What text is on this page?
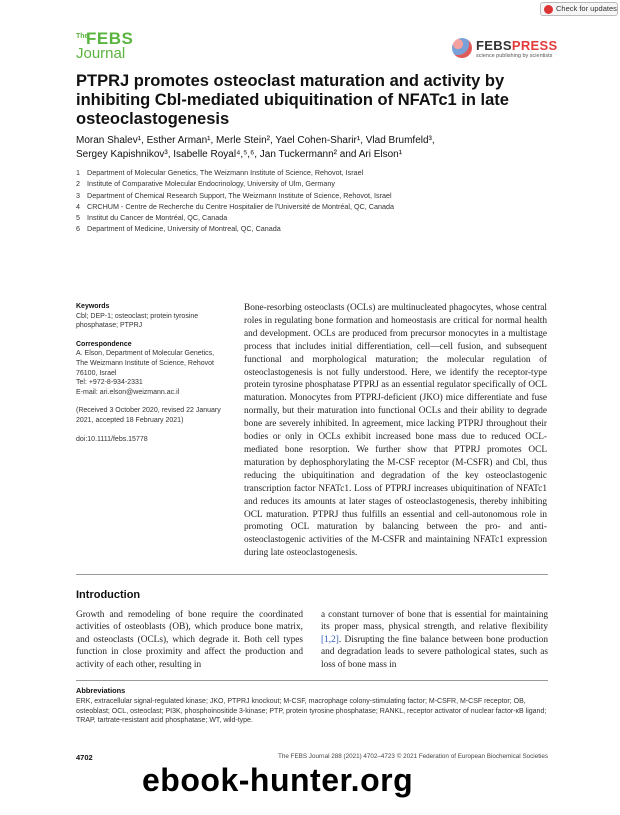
Check for updates
The
FEBS
Journal	FEBSPRESS
science publishing by scientists
PTPRJ promotes osteoclast maturation and activity by inhibiting Cbl-mediated ubiquitination of NFATc1 in late osteoclastogenesis
Moran Shalev¹, Esther Arman¹, Merle Stein², Yael Cohen-Sharir¹, Vlad Brumfeld³,
Sergey Kapishnikov³, Isabelle Royal⁴,⁵,⁶, Jan Tuckermann² and Ari Elson¹
1 Department of Molecular Genetics, The Weizmann Institute of Science, Rehovot, Israel
2 Institute of Comparative Molecular Endocrinology, University of Ulm, Germany
3 Department of Chemical Research Support, The Weizmann Institute of Science, Rehovot, Israel
4 CRCHUM - Centre de Recherche du Centre Hospitalier de l'Université de Montréal, QC, Canada
5 Institut du Cancer de Montréal, QC, Canada
6 Department of Medicine, University of Montreal, QC, Canada

Keywords
Cbl; DEP-1; osteoclast; protein tyrosine phosphatase; PTPRJ

Correspondence
A. Elson, Department of Molecular Genetics, The Weizmann Institute of Science, Rehovot 76100, Israel
Tel: +972-8-934-2331
E-mail: ari.elson@weizmann.ac.il

(Received 3 October 2020, revised 22 January 2021, accepted 18 February 2021)

doi:10.1111/febs.15778

Bone-resorbing osteoclasts (OCLs) are multinucleated phagocytes, whose central roles in regulating bone formation and homeostasis are critical for normal health and development. OCLs are produced from precursor monocytes in a multistage process that includes initial differentiation, cell—cell fusion, and subsequent functional and morphological maturation; the molecular regulation of osteoclastogenesis is not fully understood. Here, we identify the receptor-type protein tyrosine phosphatase PTPRJ as an essential regulator specifically of OCL maturation. Monocytes from PTPRJ-deficient (JKO) mice differentiate and fuse normally, but their maturation into functional OCLs and their ability to degrade bone are severely inhibited. In agreement, mice lacking PTPRJ throughout their bodies or only in OCLs exhibit increased bone mass due to reduced OCL-mediated bone resorption. We further show that PTPRJ promotes OCL maturation by dephosphorylating the M-CSF receptor (M-CSFR) and Cbl, thus reducing the ubiquitination and degradation of the key osteoclastogenic transcription factor NFATc1. Loss of PTPRJ increases ubiquitination of NFATc1 and reduces its amounts at later stages of osteoclastogenesis, thereby inhibiting OCL maturation. PTPRJ thus fulfills an essential and cell-autonomous role in promoting OCL maturation by balancing between the pro- and anti-osteoclastogenic activities of the M-CSFR and maintaining NFATc1 expression during late osteoclastogenesis.

Introduction

Growth and remodeling of bone require the coordinated activities of osteoblasts (OB), which produce bone matrix, and osteoclasts (OCLs), which degrade it. Both cell types function in close proximity and affect the production and activity of each other, resulting in

a constant turnover of bone that is essential for maintaining its proper mass, physical strength, and relative flexibility [1,2]. Disrupting the fine balance between bone production and degradation leads to severe pathological states, such as loss of bone mass in

Abbreviations

ERK, extracellular signal-regulated kinase; JKO, PTPRJ knockout; M-CSF, macrophage colony-stimulating factor; M-CSFR, M-CSF receptor; OB, osteoblast; OCL, osteoclast; PI3K, phosphoinositide 3-kinase; PTP, protein tyrosine phosphatase; RANKL, receptor activator of nuclear factor-κB ligand; TRAP, tartrate-resistant acid phosphatase; WT, wild-type.

4702	The FEBS Journal 288 (2021) 4702–4723 © 2021 Federation of European Biochemical Societies
ebook-hunter.org
